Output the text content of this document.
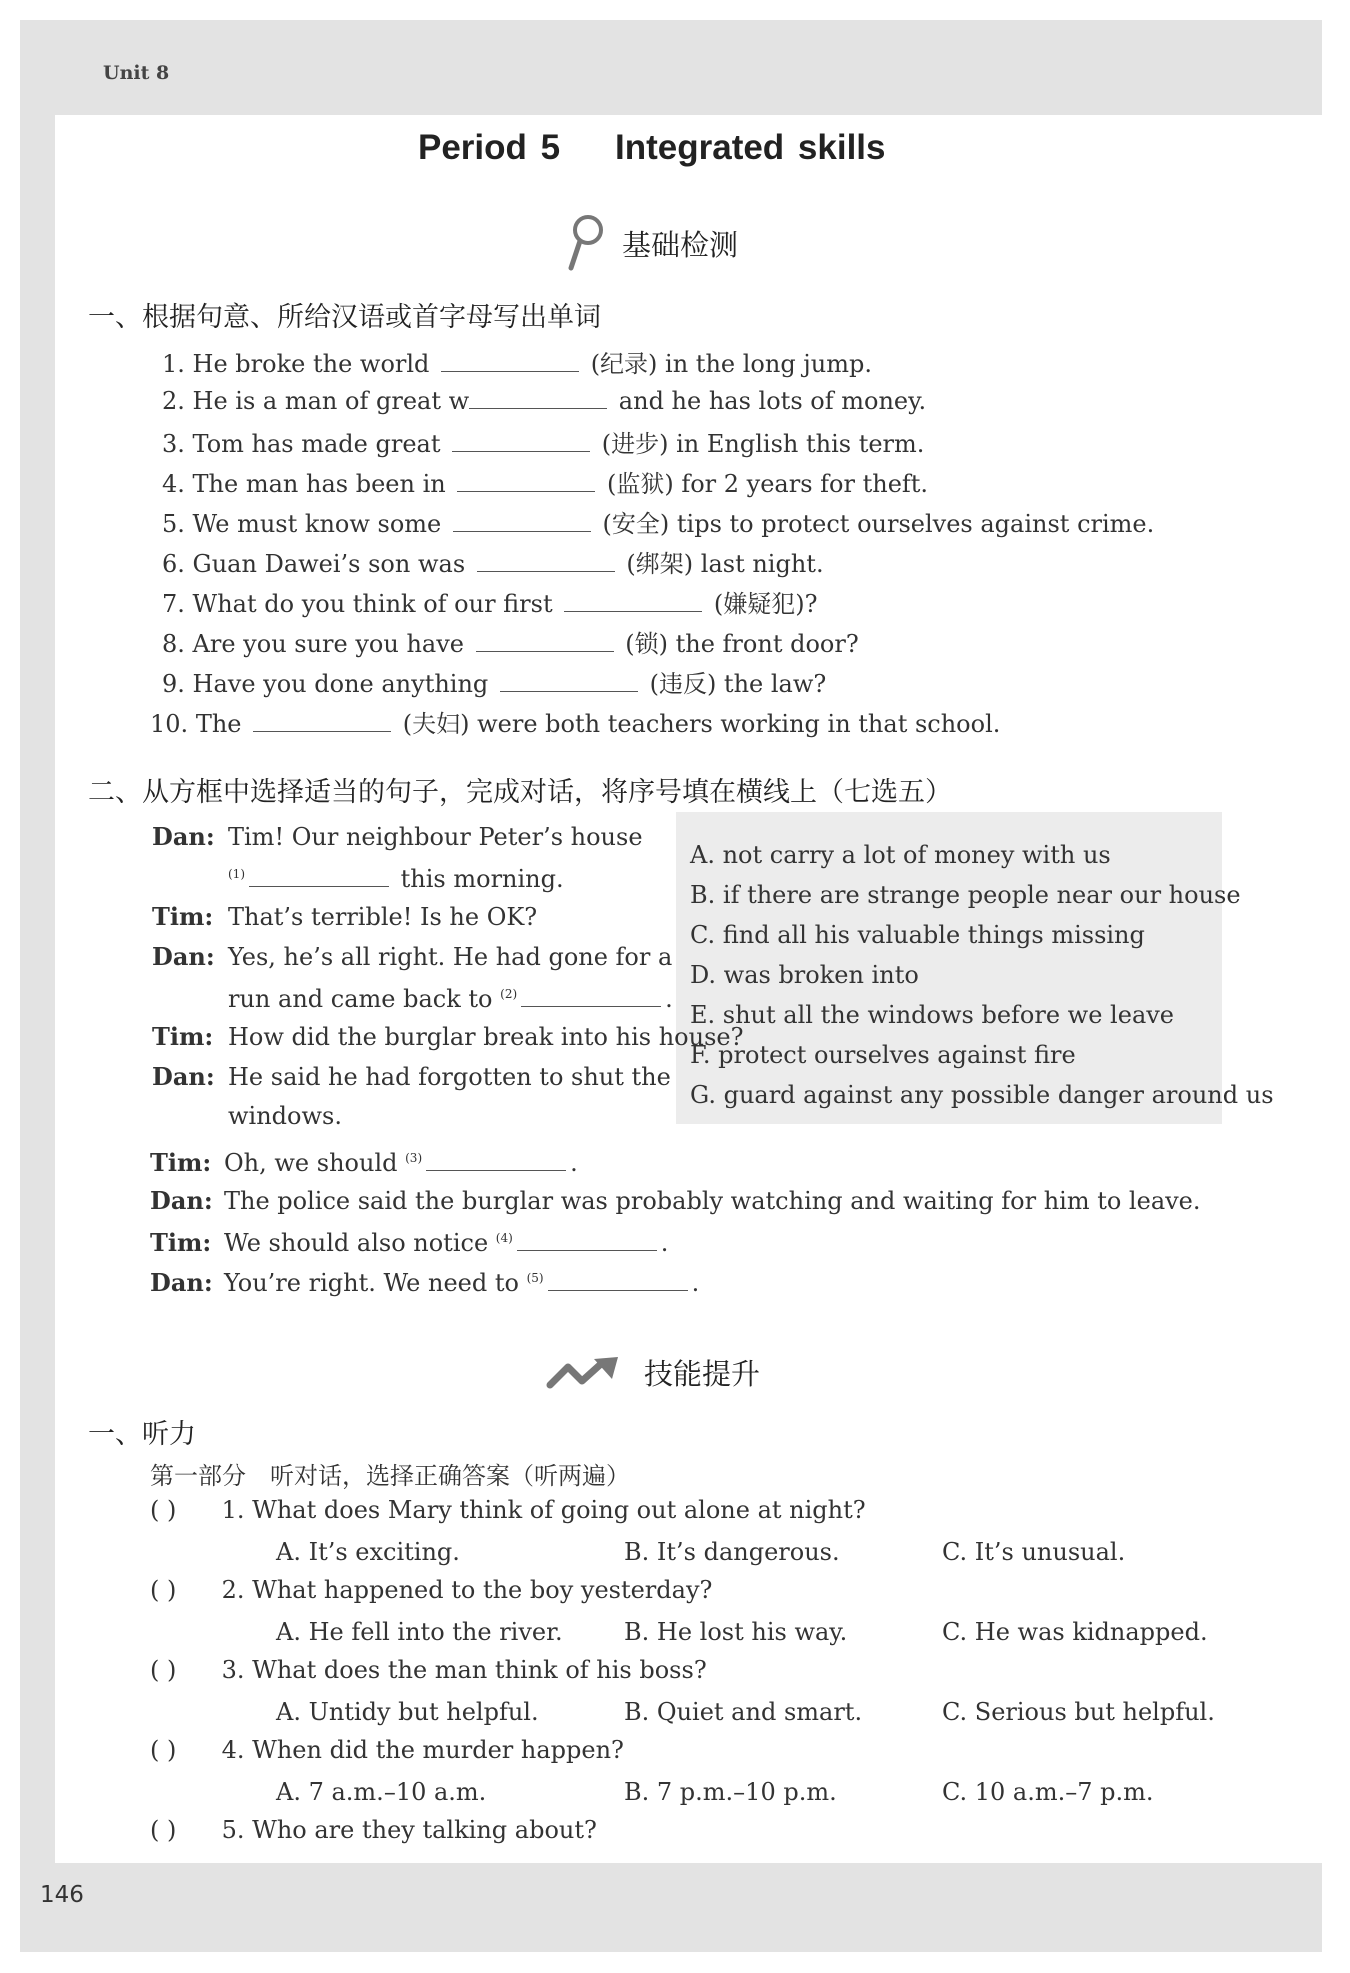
Unit 8
146
Period 5    Integrated skills
基础检测
一、根据句意、所给汉语或首字母写出单词
1. He broke the world	(纪录) in the long jump.
2. He is a man of great w	and he has lots of money.
3. Tom has made great	(进步) in English this term.
4. The man has been in	(监狱) for 2 years for theft.
5. We must know some	(安全) tips to protect ourselves against crime.
6. Guan Dawei’s son was	(绑架) last night.
7. What do you think of our first	(嫌疑犯)?
8. Are you sure you have	(锁) the front door?
9. Have you done anything	(违反) the law?
10. The	(夫妇) were both teachers working in that school.
二、从方框中选择适当的句子，完成对话，将序号填在横线上（七选五）
A. not carry a lot of money with us
B. if there are strange people near our house
C. find all his valuable things missing
D. was broken into
E. shut all the windows before we leave
F. protect ourselves against fire
G. guard against any possible danger around us
Dan: Tim! Our neighbour Peter’s house
$^{(1)}$	this morning.
Tim: That’s terrible! Is he OK?
Dan: Yes, he’s all right. He had gone for a
run and came back to $^{(2)}$	.
Tim: How did the burglar break into his house?
Dan: He said he had forgotten to shut the
windows.
Tim: Oh, we should $^{(3)}$	.
Dan: The police said the burglar was probably watching and waiting for him to leave.
Tim: We should also notice $^{(4)}$	.
Dan: You’re right. We need to $^{(5)}$	.
技能提升
一、听力
第一部分　听对话，选择正确答案（听两遍）
( ) 1. What does Mary think of going out alone at night?
A. It’s exciting.	B. It’s dangerous.	C. It’s unusual.
( ) 2. What happened to the boy yesterday?
A. He fell into the river.	B. He lost his way.	C. He was kidnapped.
( ) 3. What does the man think of his boss?
A. Untidy but helpful.	B. Quiet and smart.	C. Serious but helpful.
( ) 4. When did the murder happen?
A. 7 a.m.–10 a.m.	B. 7 p.m.–10 p.m.	C. 10 a.m.–7 p.m.
( ) 5. Who are they talking about?
